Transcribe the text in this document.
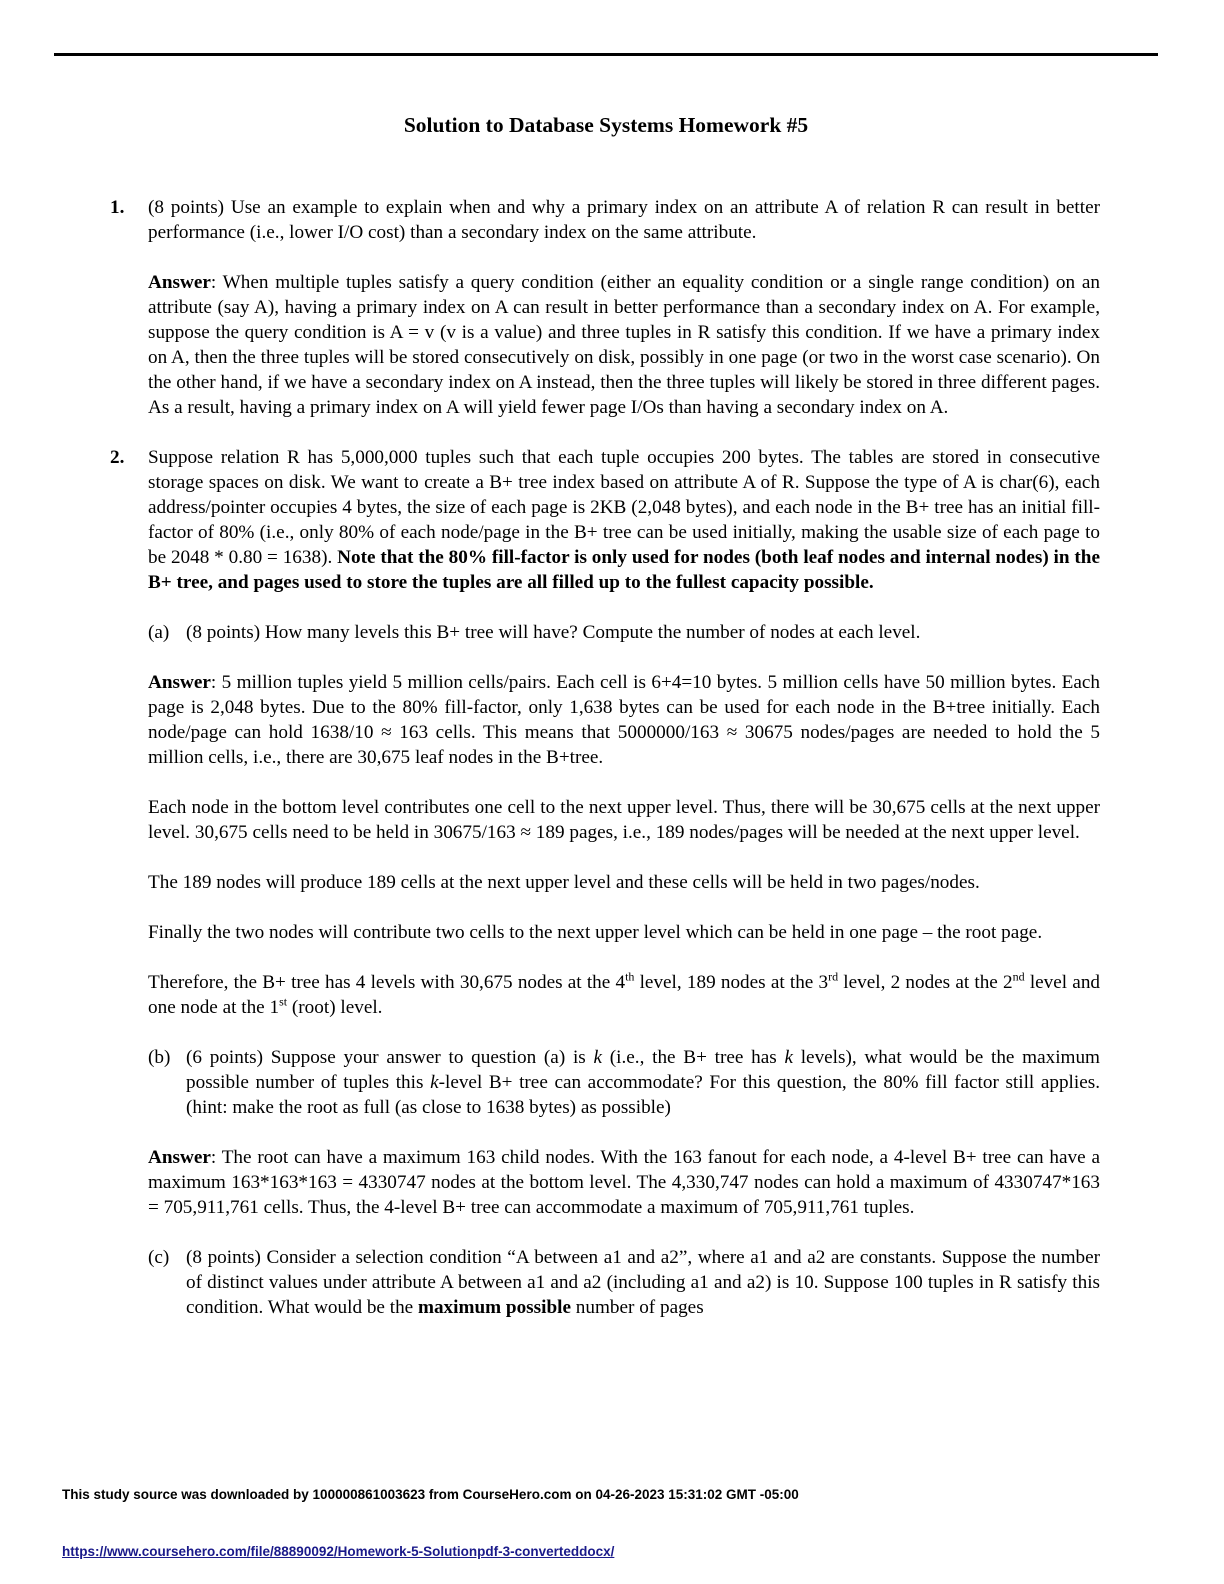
Solution to Database Systems Homework #5
1. (8 points) Use an example to explain when and why a primary index on an attribute A of relation R can result in better performance (i.e., lower I/O cost) than a secondary index on the same attribute.

Answer: When multiple tuples satisfy a query condition (either an equality condition or a single range condition) on an attribute (say A), having a primary index on A can result in better performance than a secondary index on A. For example, suppose the query condition is A = v (v is a value) and three tuples in R satisfy this condition. If we have a primary index on A, then the three tuples will be stored consecutively on disk, possibly in one page (or two in the worst case scenario). On the other hand, if we have a secondary index on A instead, then the three tuples will likely be stored in three different pages. As a result, having a primary index on A will yield fewer page I/Os than having a secondary index on A.

2. Suppose relation R has 5,000,000 tuples such that each tuple occupies 200 bytes. The tables are stored in consecutive storage spaces on disk. We want to create a B+ tree index based on attribute A of R. Suppose the type of A is char(6), each address/pointer occupies 4 bytes, the size of each page is 2KB (2,048 bytes), and each node in the B+ tree has an initial fill-factor of 80% (i.e., only 80% of each node/page in the B+ tree can be used initially, making the usable size of each page to be 2048 * 0.80 = 1638). Note that the 80% fill-factor is only used for nodes (both leaf nodes and internal nodes) in the B+ tree, and pages used to store the tuples are all filled up to the fullest capacity possible.

(a) (8 points) How many levels this B+ tree will have? Compute the number of nodes at each level.

Answer: 5 million tuples yield 5 million cells/pairs. Each cell is 6+4=10 bytes. 5 million cells have 50 million bytes. Each page is 2,048 bytes. Due to the 80% fill-factor, only 1,638 bytes can be used for each node in the B+tree initially. Each node/page can hold 1638/10 ≈ 163 cells. This means that 5000000/163 ≈ 30675 nodes/pages are needed to hold the 5 million cells, i.e., there are 30,675 leaf nodes in the B+tree.

Each node in the bottom level contributes one cell to the next upper level. Thus, there will be 30,675 cells at the next upper level. 30,675 cells need to be held in 30675/163 ≈ 189 pages, i.e., 189 nodes/pages will be needed at the next upper level.

The 189 nodes will produce 189 cells at the next upper level and these cells will be held in two pages/nodes.

Finally the two nodes will contribute two cells to the next upper level which can be held in one page – the root page.

Therefore, the B+ tree has 4 levels with 30,675 nodes at the 4th level, 189 nodes at the 3rd level, 2 nodes at the 2nd level and one node at the 1st (root) level.

(b) (6 points) Suppose your answer to question (a) is k (i.e., the B+ tree has k levels), what would be the maximum possible number of tuples this k-level B+ tree can accommodate? For this question, the 80% fill factor still applies. (hint: make the root as full (as close to 1638 bytes) as possible)

Answer: The root can have a maximum 163 child nodes. With the 163 fanout for each node, a 4-level B+ tree can have a maximum 163*163*163 = 4330747 nodes at the bottom level. The 4,330,747 nodes can hold a maximum of 4330747*163 = 705,911,761 cells. Thus, the 4-level B+ tree can accommodate a maximum of 705,911,761 tuples.

(c) (8 points) Consider a selection condition “A between a1 and a2”, where a1 and a2 are constants. Suppose the number of distinct values under attribute A between a1 and a2 (including a1 and a2) is 10. Suppose 100 tuples in R satisfy this condition. What would be the maximum possible number of pages

This study source was downloaded by 100000861003623 from CourseHero.com on 04-26-2023 15:31:02 GMT -05:00
https://www.coursehero.com/file/88890092/Homework-5-Solutionpdf-3-converteddocx/
